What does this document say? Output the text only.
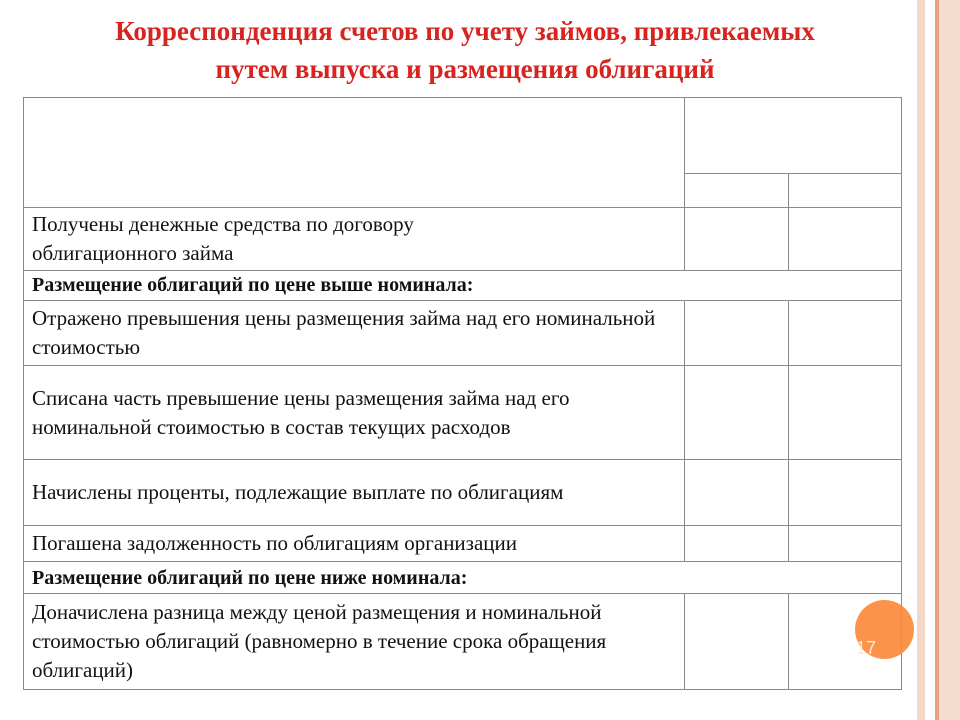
Корреспонденция счетов по учету займов, привлекаемых
путем выпуска и размещения облигаций

Получены денежные средства по договору облигационного займа		

Размещение облигаций по цене выше номинала:		

Отражено превышения цены размещения займа над его номинальной стоимостью		

Списана часть превышение цены размещения займа над его номинальной стоимостью в состав текущих расходов		

Начислены проценты, подлежащие выплате по облигациям		

Погашена задолженность по облигациям организации		

Размещение облигаций по цене ниже номинала:		

Доначислена разница между ценой размещения и номинальной стоимостью облигаций (равномерно в течение срока обращения облигаций)		

17
